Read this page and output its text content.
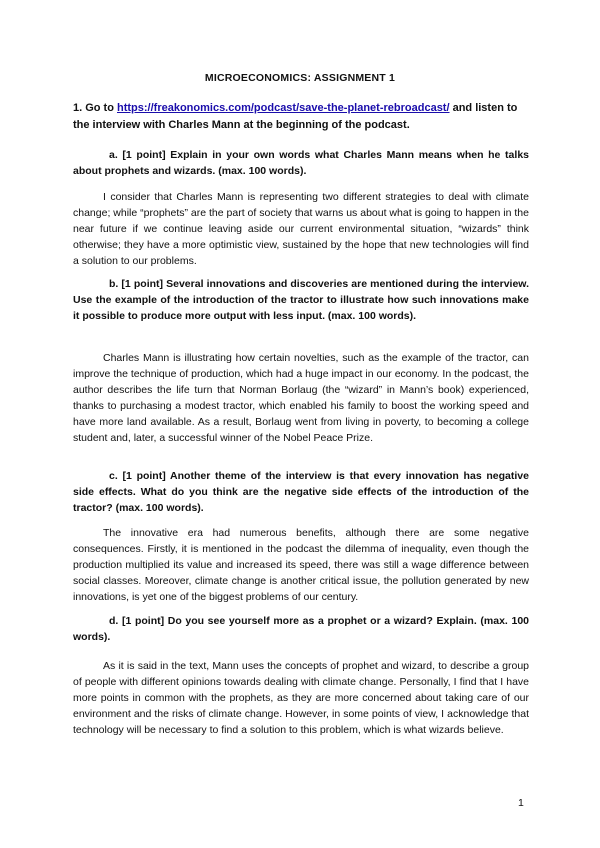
MICROECONOMICS: ASSIGNMENT 1
1. Go to https://freakonomics.com/podcast/save-the-planet-rebroadcast/ and listen to the interview with Charles Mann at the beginning of the podcast.
a. [1 point] Explain in your own words what Charles Mann means when he talks about prophets and wizards. (max. 100 words).
I consider that Charles Mann is representing two different strategies to deal with climate change; while “prophets” are the part of society that warns us about what is going to happen in the near future if we continue leaving aside our current environmental situation, “wizards” think otherwise; they have a more optimistic view, sustained by the hope that new technologies will find a solution to our problems.
b. [1 point] Several innovations and discoveries are mentioned during the interview. Use the example of the introduction of the tractor to illustrate how such innovations make it possible to produce more output with less input. (max. 100 words).
Charles Mann is illustrating how certain novelties, such as the example of the tractor, can improve the technique of production, which had a huge impact in our economy. In the podcast, the author describes the life turn that Norman Borlaug (the “wizard” in Mann’s book) experienced, thanks to purchasing a modest tractor, which enabled his family to boost the working speed and have more land available. As a result, Borlaug went from living in poverty, to becoming a college student and, later, a successful winner of the Nobel Peace Prize.
c. [1 point] Another theme of the interview is that every innovation has negative side effects. What do you think are the negative side effects of the introduction of the tractor? (max. 100 words).
The innovative era had numerous benefits, although there are some negative consequences. Firstly, it is mentioned in the podcast the dilemma of inequality, even though the production multiplied its value and increased its speed, there was still a wage difference between social classes. Moreover, climate change is another critical issue, the pollution generated by new innovations, is yet one of the biggest problems of our century.
d. [1 point] Do you see yourself more as a prophet or a wizard? Explain. (max. 100 words).
As it is said in the text, Mann uses the concepts of prophet and wizard, to describe a group of people with different opinions towards dealing with climate change. Personally, I find that I have more points in common with the prophets, as they are more concerned about taking care of our environment and the risks of climate change. However, in some points of view, I acknowledge that technology will be necessary to find a solution to this problem, which is what wizards believe.
1
